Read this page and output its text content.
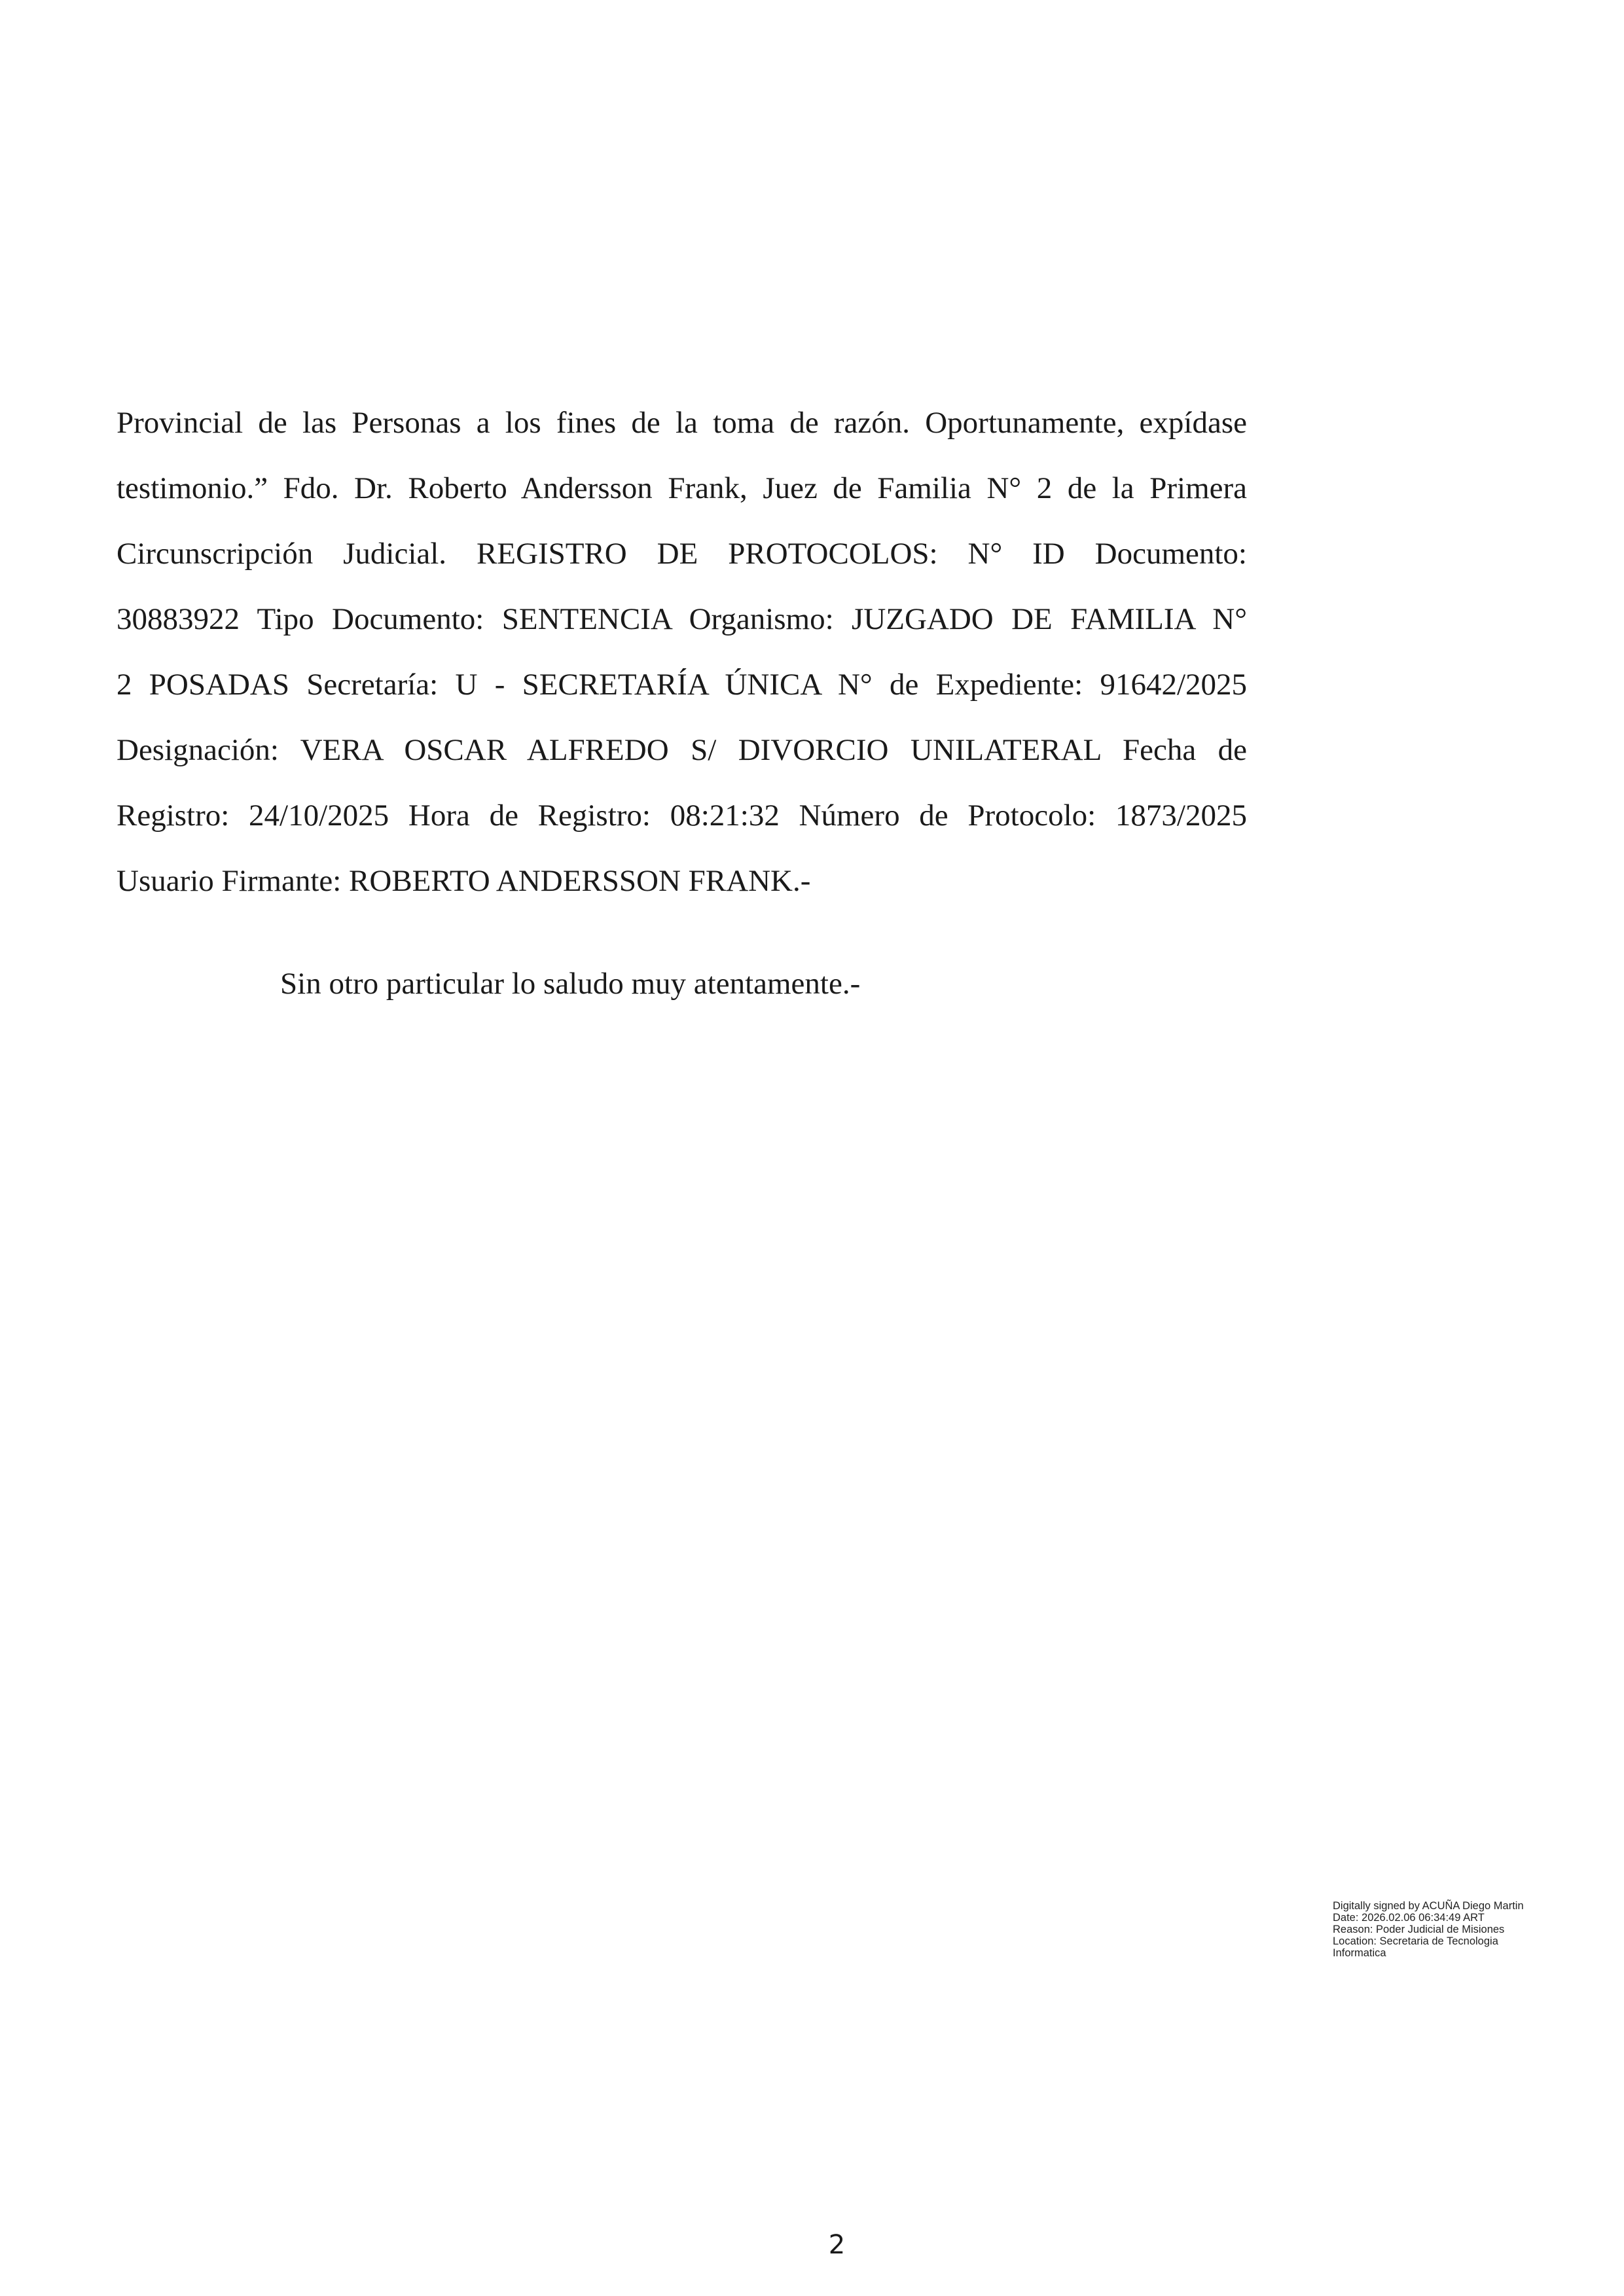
Provincial de las Personas a los fines de la toma de razón. Oportunamente, expídase
testimonio.” Fdo. Dr. Roberto Andersson Frank, Juez de Familia N° 2 de la Primera
Circunscripción Judicial. REGISTRO DE PROTOCOLOS: N° ID Documento:
30883922 Tipo Documento: SENTENCIA Organismo: JUZGADO DE FAMILIA N°
2 POSADAS Secretaría: U - SECRETARÍA ÚNICA N° de Expediente: 91642/2025
Designación: VERA OSCAR ALFREDO S/ DIVORCIO UNILATERAL Fecha de
Registro: 24/10/2025 Hora de Registro: 08:21:32 Número de Protocolo: 1873/2025
Usuario Firmante: ROBERTO ANDERSSON FRANK.-
Sin otro particular lo saludo muy atentamente.-
Digitally signed by ACUÑA Diego Martin
Date: 2026.02.06 06:34:49 ART
Reason: Poder Judicial de Misiones
Location: Secretaria de Tecnologia
Informatica
2
